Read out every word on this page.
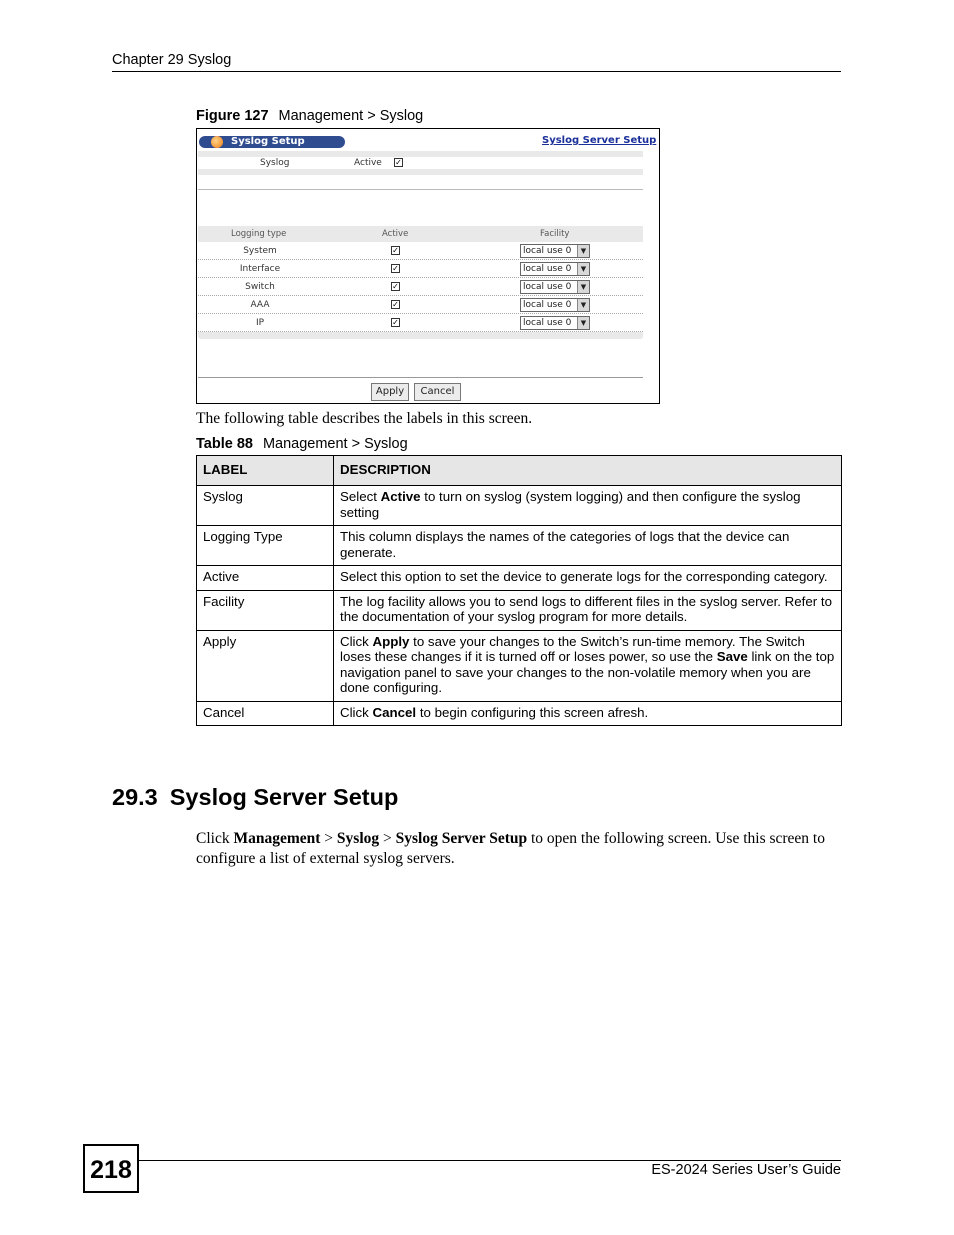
Chapter 29 Syslog
Figure 127 Management > Syslog
Syslog Setup	Syslog Server Setup
Syslog	Active ✓
Logging type	Active	Facility
System	✓	local use 0	▼
Interface	✓	local use 0	▼
Switch	✓	local use 0	▼
AAA	✓	local use 0	▼
IP	✓	local use 0	▼
Apply	Cancel
The following table describes the labels in this screen.
Table 88 Management > Syslog
LABEL	DESCRIPTION
Syslog	Select Active to turn on syslog (system logging) and then configure the syslog setting
Logging Type	This column displays the names of the categories of logs that the device can generate.
Active	Select this option to set the device to generate logs for the corresponding category.
Facility	The log facility allows you to send logs to different files in the syslog server. Refer to the documentation of your syslog program for more details.
Apply	Click Apply to save your changes to the Switch’s run-time memory. The Switch loses these changes if it is turned off or loses power, so use the Save link on the top navigation panel to save your changes to the non-volatile memory when you are done configuring.
Cancel	Click Cancel to begin configuring this screen afresh.
29.3 Syslog Server Setup
Click Management > Syslog > Syslog Server Setup to open the following screen. Use this screen to configure a list of external syslog servers.
218	ES-2024 Series User’s Guide
